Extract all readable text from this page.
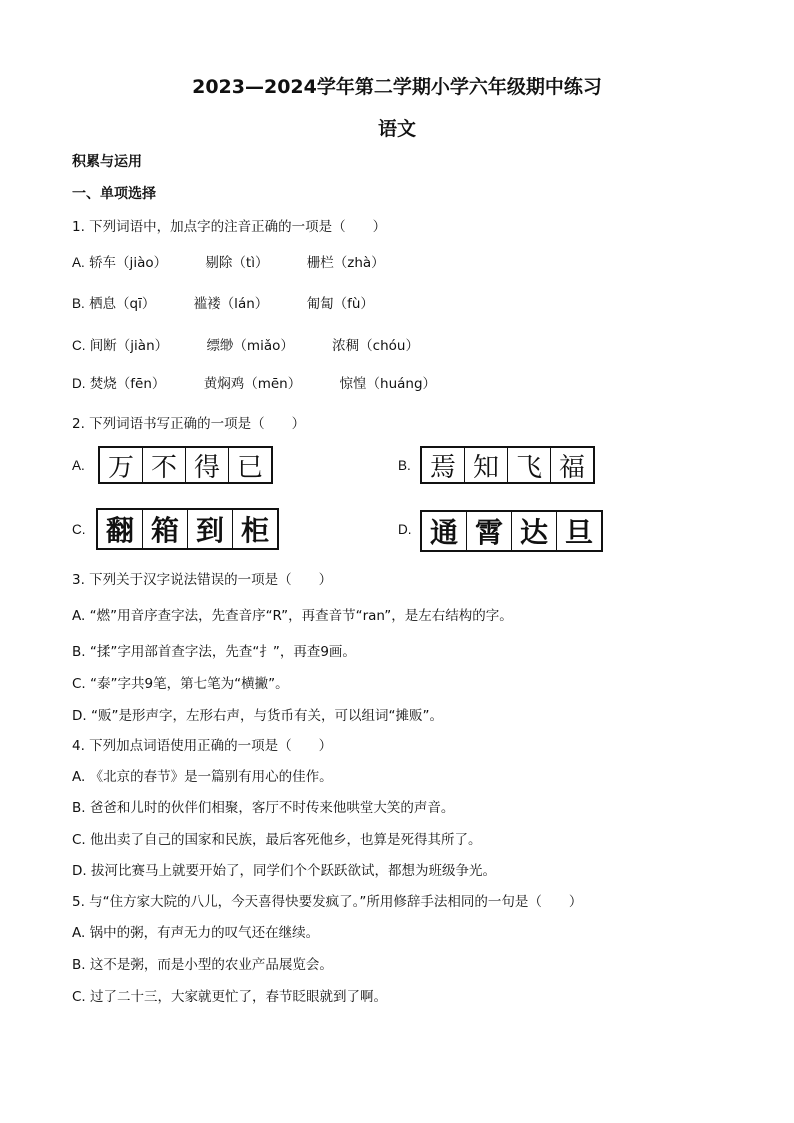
2023—2024学年第二学期小学六年级期中练习
语文
积累与运用
一、单项选择
1. 下列词语中，加点字的注音正确的一项是（　　）
A. 轿车（jiào）	剔除（tì）	栅栏（zhà）
B. 栖息（qī）	褴褛（lán）	匍匐（fù）
C. 间断（jiàn）	缥缈（miǎo）	浓稠（chóu）
D. 焚烧（fēn）	黄焖鸡（mēn）	惊惶（huáng）
2. 下列词语书写正确的一项是（　　）
A. 万 不 得 已	B. 焉 知 飞 福
C. 翻 箱 到 柜	D. 通 霄 达 旦
3. 下列关于汉字说法错误的一项是（　　）
A. “燃”用音序查字法，先查音序“R”，再查音节“ran”，是左右结构的字。
B. “揉”字用部首查字法，先查“扌”，再查9画。
C. “泰”字共9笔，第七笔为“横撇”。
D. “贩”是形声字，左形右声，与货币有关，可以组词“摊贩”。
4. 下列加点词语使用正确的一项是（　　）
A. 《北京的春节》是一篇别有用心的佳作。
B. 爸爸和儿时的伙伴们相聚，客厅不时传来他哄堂大笑的声音。
C. 他出卖了自己的国家和民族，最后客死他乡，也算是死得其所了。
D. 拔河比赛马上就要开始了，同学们个个跃跃欲试，都想为班级争光。
5. 与“住方家大院的八儿，今天喜得快要发疯了。”所用修辞手法相同的一句是（　　）
A. 锅中的粥，有声无力的叹气还在继续。
B. 这不是粥，而是小型的农业产品展览会。
C. 过了二十三，大家就更忙了，春节眨眼就到了啊。
